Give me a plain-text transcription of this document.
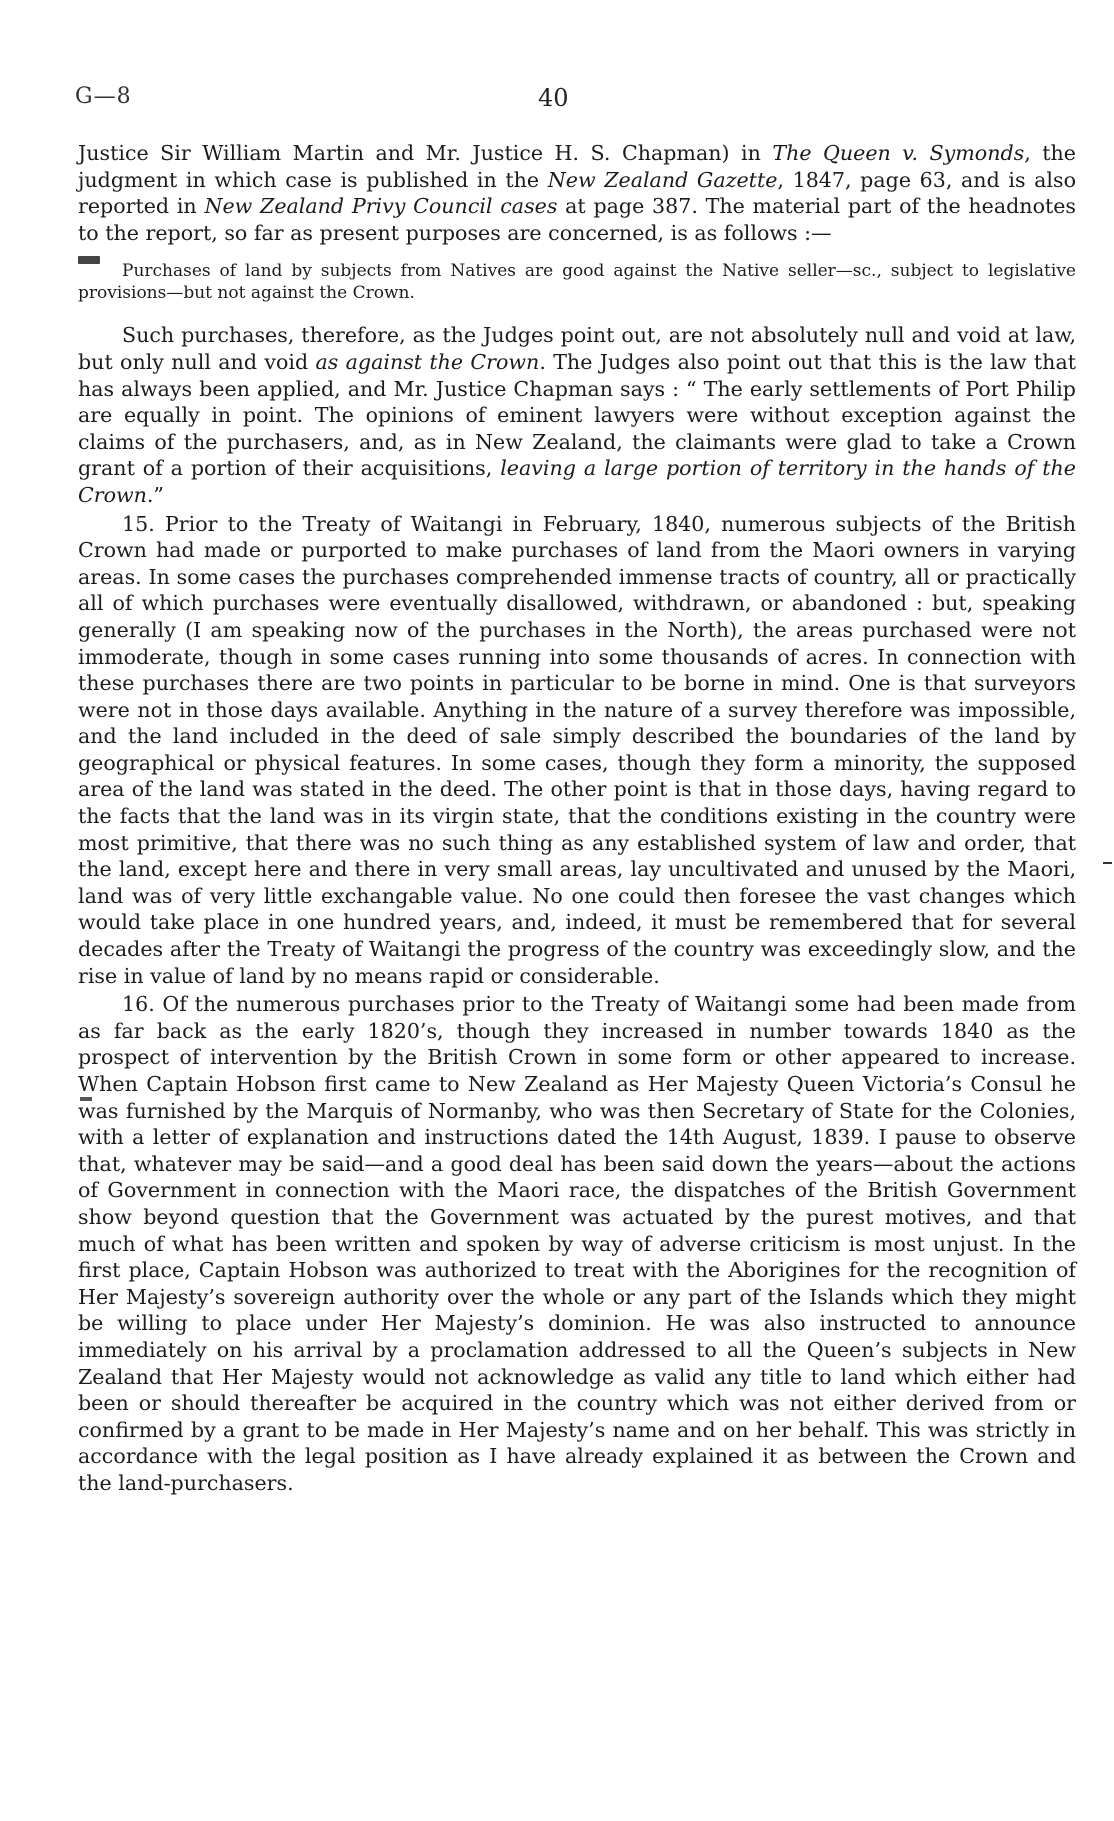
G—8	40

Justice Sir William Martin and Mr. Justice H. S. Chapman) in The Queen v. Symonds, the judgment in which case is published in the New Zealand Gazette, 1847, page 63, and is also reported in New Zealand Privy Council cases at page 387. The material part of the headnotes to the report, so far as present purposes are concerned, is as follows :—

Purchases of land by subjects from Natives are good against the Native seller—sc., subject to legislative provisions—but not against the Crown.

Such purchases, therefore, as the Judges point out, are not absolutely null and void at law, but only null and void as against the Crown. The Judges also point out that this is the law that has always been applied, and Mr. Justice Chapman says : “ The early settlements of Port Philip are equally in point. The opinions of eminent lawyers were without exception against the claims of the purchasers, and, as in New Zealand, the claimants were glad to take a Crown grant of a portion of their acquisitions, leaving a large portion of territory in the hands of the Crown.”

15. Prior to the Treaty of Waitangi in February, 1840, numerous subjects of the British Crown had made or purported to make purchases of land from the Maori owners in varying areas. In some cases the purchases comprehended immense tracts of country, all or practically all of which purchases were eventually disallowed, withdrawn, or abandoned : but, speaking generally (I am speaking now of the purchases in the North), the areas purchased were not immoderate, though in some cases running into some thousands of acres. In connection with these purchases there are two points in particular to be borne in mind. One is that surveyors were not in those days available. Anything in the nature of a survey therefore was impossible, and the land included in the deed of sale simply described the boundaries of the land by geographical or physical features. In some cases, though they form a minority, the supposed area of the land was stated in the deed. The other point is that in those days, having regard to the facts that the land was in its virgin state, that the conditions existing in the country were most primitive, that there was no such thing as any established system of law and order, that the land, except here and there in very small areas, lay uncultivated and unused by the Maori, land was of very little exchangable value. No one could then foresee the vast changes which would take place in one hundred years, and, indeed, it must be remembered that for several decades after the Treaty of Waitangi the progress of the country was exceedingly slow, and the rise in value of land by no means rapid or considerable.

16. Of the numerous purchases prior to the Treaty of Waitangi some had been made from as far back as the early 1820’s, though they increased in number towards 1840 as the prospect of intervention by the British Crown in some form or other appeared to increase. When Captain Hobson first came to New Zealand as Her Majesty Queen Victoria’s Consul he was furnished by the Marquis of Normanby, who was then Secretary of State for the Colonies, with a letter of explanation and instructions dated the 14th August, 1839. I pause to observe that, whatever may be said—and a good deal has been said down the years—about the actions of Government in connection with the Maori race, the dispatches of the British Government show beyond question that the Government was actuated by the purest motives, and that much of what has been written and spoken by way of adverse criticism is most unjust. In the first place, Captain Hobson was authorized to treat with the Aborigines for the recognition of Her Majesty’s sovereign authority over the whole or any part of the Islands which they might be willing to place under Her Majesty’s dominion. He was also instructed to announce immediately on his arrival by a proclamation addressed to all the Queen’s subjects in New Zealand that Her Majesty would not acknowledge as valid any title to land which either had been or should thereafter be acquired in the country which was not either derived from or confirmed by a grant to be made in Her Majesty’s name and on her behalf. This was strictly in accordance with the legal position as I have already explained it as between the Crown and the land-purchasers.
